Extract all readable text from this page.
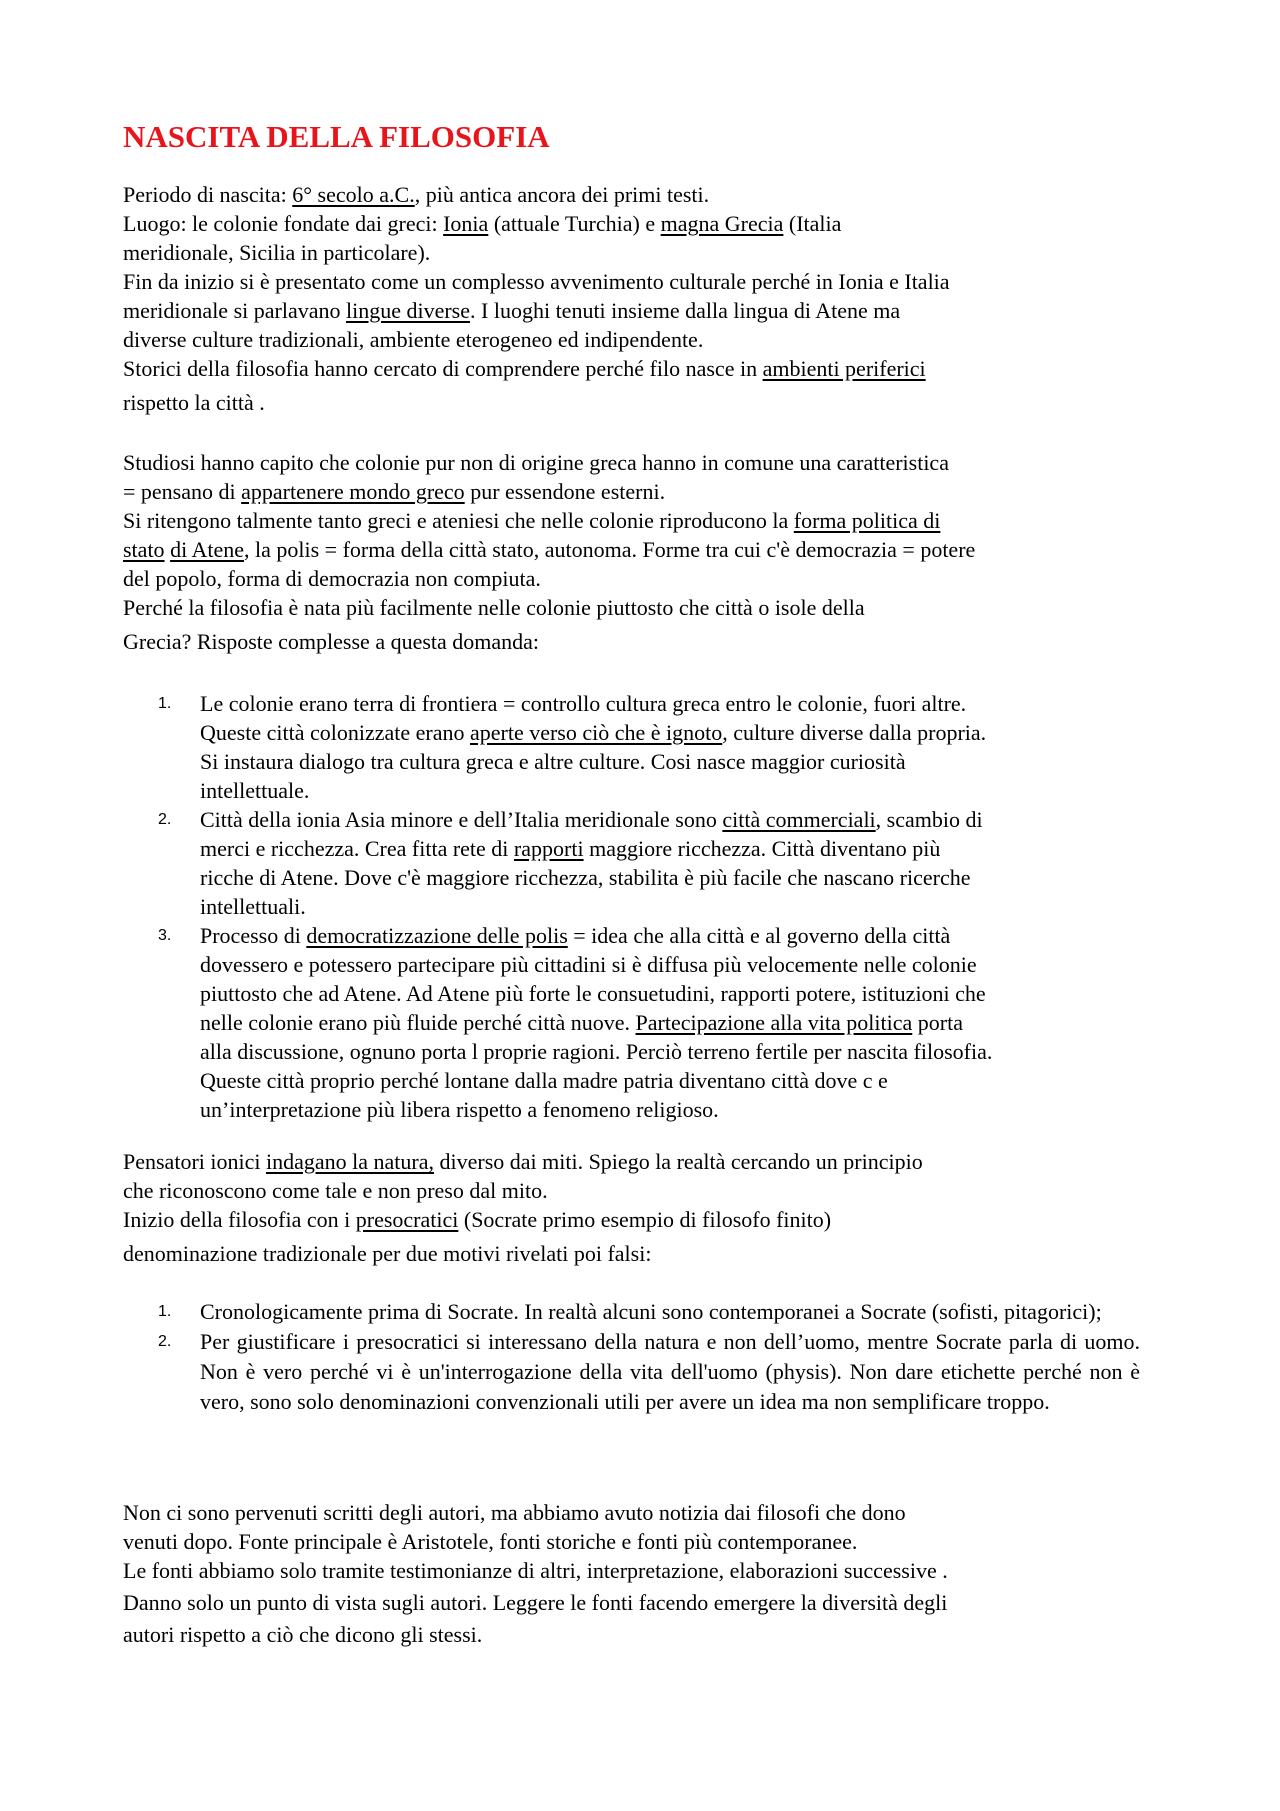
NASCITA DELLA FILOSOFIA
Periodo di nascita: 6° secolo a.C., più antica ancora dei primi testi.
Luogo: le colonie fondate dai greci: Ionia (attuale Turchia) e magna Grecia (Italia
meridionale, Sicilia in particolare).
Fin da inizio si è presentato come un complesso avvenimento culturale perché in Ionia e Italia
meridionale si parlavano lingue diverse. I luoghi tenuti insieme dalla lingua di Atene ma
diverse culture tradizionali, ambiente eterogeneo ed indipendente.
Storici della filosofia hanno cercato di comprendere perché filo nasce in ambienti periferici
rispetto la città .
Studiosi hanno capito che colonie pur non di origine greca hanno in comune una caratteristica
= pensano di appartenere mondo greco pur essendone esterni.
Si ritengono talmente tanto greci e ateniesi che nelle colonie riproducono la forma politica di
stato di Atene, la polis = forma della città stato, autonoma. Forme tra cui c'è democrazia = potere
del popolo, forma di democrazia non compiuta.
Perché la filosofia è nata più facilmente nelle colonie piuttosto che città o isole della
Grecia? Risposte complesse a questa domanda:
1. Le colonie erano terra di frontiera = controllo cultura greca entro le colonie, fuori altre.
Queste città colonizzate erano aperte verso ciò che è ignoto, culture diverse dalla propria.
Si instaura dialogo tra cultura greca e altre culture. Cosi nasce maggior curiosità
intellettuale.
2. Città della ionia Asia minore e dell’Italia meridionale sono città commerciali, scambio di
merci e ricchezza. Crea fitta rete di rapporti maggiore ricchezza. Città diventano più
ricche di Atene. Dove c'è maggiore ricchezza, stabilita è più facile che nascano ricerche
intellettuali.
3. Processo di democratizzazione delle polis = idea che alla città e al governo della città
dovessero e potessero partecipare più cittadini si è diffusa più velocemente nelle colonie
piuttosto che ad Atene. Ad Atene più forte le consuetudini, rapporti potere, istituzioni che
nelle colonie erano più fluide perché città nuove. Partecipazione alla vita politica porta
alla discussione, ognuno porta l proprie ragioni. Perciò terreno fertile per nascita filosofia.
Queste città proprio perché lontane dalla madre patria diventano città dove c e
un’interpretazione più libera rispetto a fenomeno religioso.
Pensatori ionici indagano la natura, diverso dai miti. Spiego la realtà cercando un principio
che riconoscono come tale e non preso dal mito.
Inizio della filosofia con i presocratici (Socrate primo esempio di filosofo finito)
denominazione tradizionale per due motivi rivelati poi falsi:
1. Cronologicamente prima di Socrate. In realtà alcuni sono contemporanei a Socrate (sofisti, pitagorici);
2. Per giustificare i presocratici si interessano della natura e non dell’uomo, mentre Socrate parla di uomo. Non è vero perché vi è un'interrogazione della vita dell'uomo (physis). Non dare etichette perché non è vero, sono solo denominazioni convenzionali utili per avere un idea ma non semplificare troppo.
Non ci sono pervenuti scritti degli autori, ma abbiamo avuto notizia dai filosofi che dono
venuti dopo. Fonte principale è Aristotele, fonti storiche e fonti più contemporanee.
Le fonti abbiamo solo tramite testimonianze di altri, interpretazione, elaborazioni successive .
Danno solo un punto di vista sugli autori. Leggere le fonti facendo emergere la diversità degli
autori rispetto a ciò che dicono gli stessi.
